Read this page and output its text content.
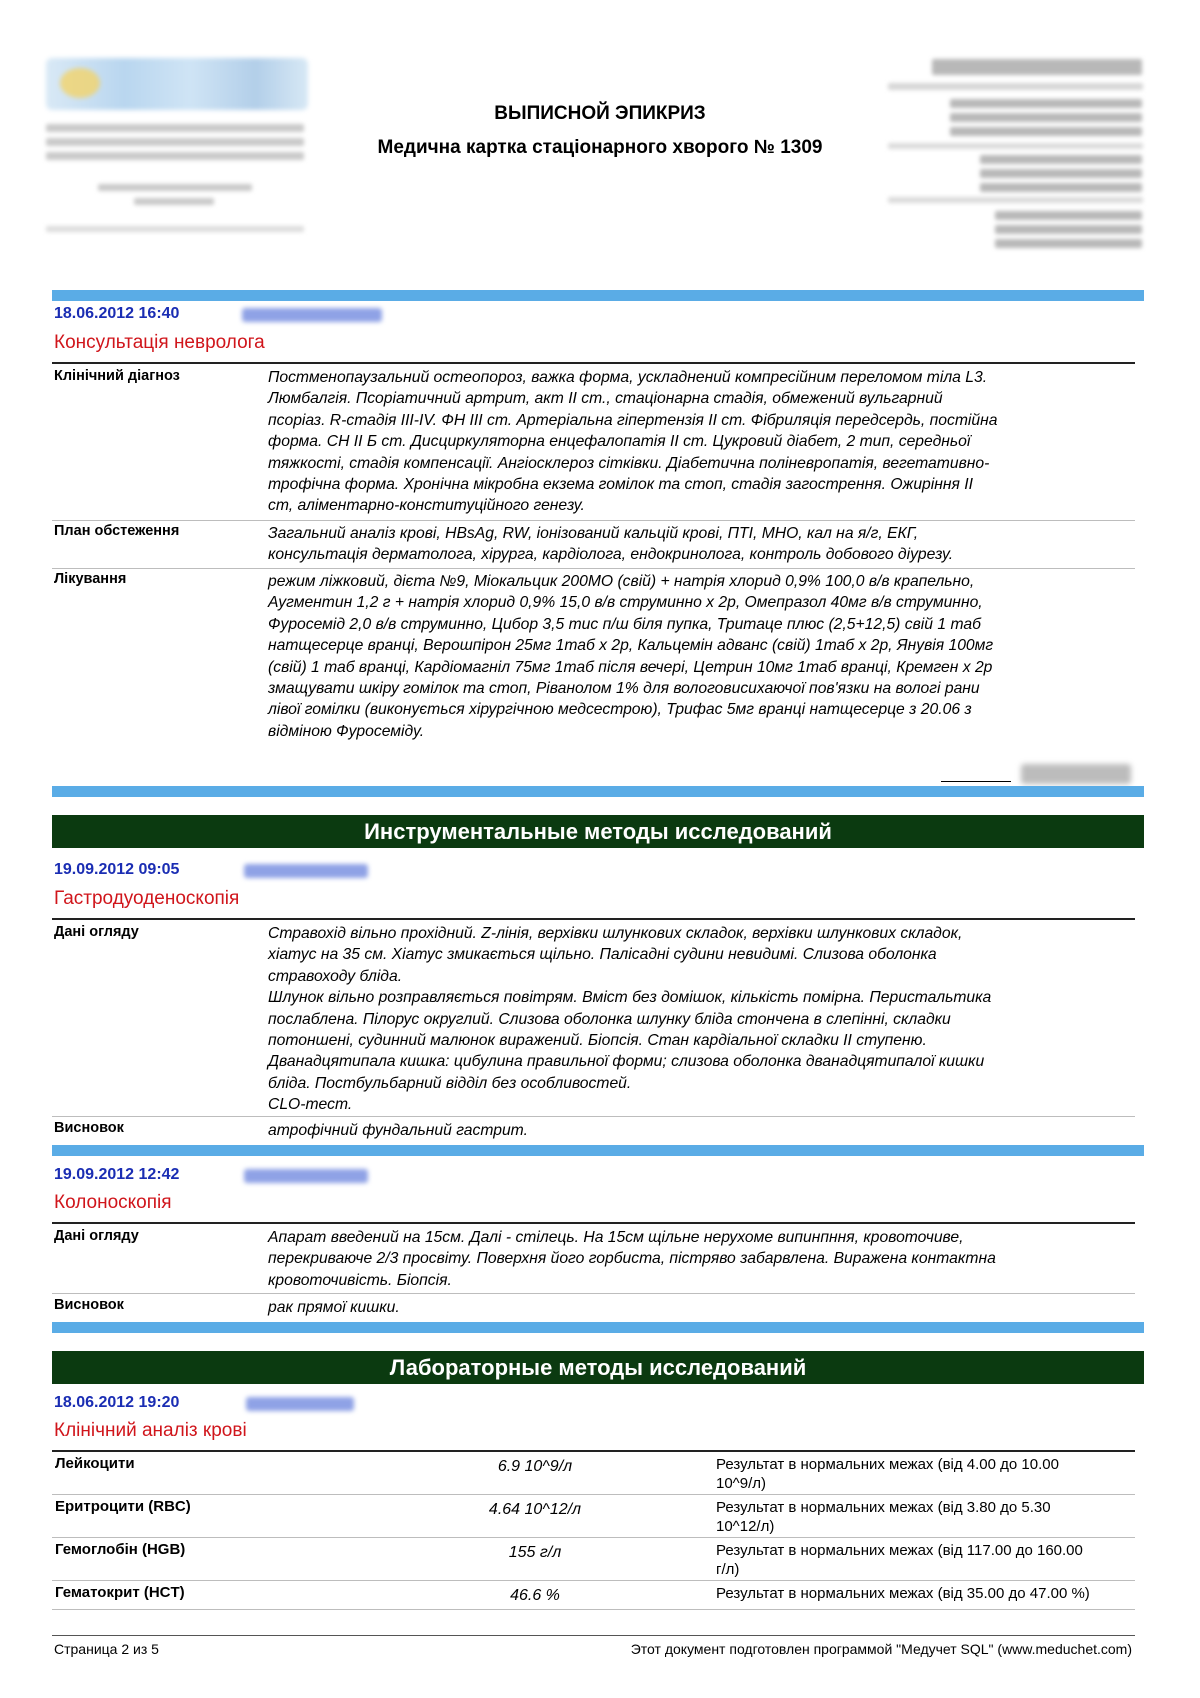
ВЫПИСНОЙ ЭПИКРИЗ
Медична картка стаціонарного хворого № 1309
18.06.2012 16:40
Консультація невролога
Клінічний діагноз	Постменопаузальний остеопороз, важка форма, ускладнений компресійним переломом тіла L3.
Люмбалгія. Псоріатичний артрит, акт ІІ ст., стаціонарна стадія, обмежений вульгарний
псоріаз. R-стадія ІІІ-ІV. ФН ІІІ ст. Артеріальна гіпертензія ІІ ст. Фібриляція передсердь, постійна
форма. СН ІІ Б ст. Дисциркуляторна енцефалопатія ІІ ст. Цукровий діабет, 2 тип, середньої
тяжкості, стадія компенсації. Ангіосклероз сітківки. Діабетична поліневропатія, вегетативно-
трофічна форма. Хронічна мікробна екзема гомілок та стоп, стадія загострення. Ожиріння ІІ
ст, аліментарно-конституційного генезу.
План обстеження	Загальний аналіз крові, HBsAg, RW, іонізований кальцій крові, ПТІ, МНО, кал на я/г, ЕКГ,
консультація дерматолога, хірурга, кардіолога, ендокринолога, контроль добового діурезу.
Лікування	режим ліжковий, дієта №9, Міокальцик 200МО (свій) + натрія хлорид 0,9% 100,0 в/в крапельно,
Аугментин 1,2 г + натрія хлорид 0,9% 15,0 в/в струминно х 2р, Омепразол 40мг в/в струминно,
Фуросемід 2,0 в/в струминно, Цибор 3,5 тис п/ш біля пупка, Тритаце плюс (2,5+12,5) свій 1 таб
натщесерце вранці, Верошпірон 25мг 1таб х 2р, Кальцемін адванс (свій) 1таб х 2р, Янувія 100мг
(свій) 1 таб вранці, Кардіомагніл 75мг 1таб після вечері, Цетрин 10мг 1таб вранці, Кремген х 2р
змащувати шкіру гомілок та стоп, Ріванолом 1% для вологовисихаючої пов'язки на вологі рани
лівої гомілки (виконується хірургічною медсестрою), Трифас 5мг вранці натщесерце з 20.06 з
відміною Фуросеміду.
Инструментальные методы исследований
19.09.2012 09:05
Гастродуоденоскопія
Дані огляду	Стравохід вільно прохідний. Z-лінія, верхівки шлункових складок, верхівки шлункових складок,
хіатус на 35 см. Хіатус змикається щільно. Палісадні судини невидимі. Слизова оболонка
стравоходу бліда.
Шлунок вільно розправляється повітрям. Вміст без домішок, кількість помірна. Перистальтика
послаблена. Пілорус округлий. Слизова оболонка шлунку бліда стончена в слепінні, складки
потоншені, судинний малюнок виражений. Біопсія. Стан кардіальної складки ІІ ступеню.
Дванадцятипала кишка: цибулина правильної форми; слизова оболонка дванадцятипалої кишки
бліда. Постбульбарний відділ без особливостей.
CLO-тест.
Висновок	атрофічний фундальний гастрит.
19.09.2012 12:42
Колоноскопія
Дані огляду	Апарат введений на 15см. Далі - стілець. На 15см щільне нерухоме випинпння, кровоточиве,
перекриваюче 2/3 просвіту. Поверхня його горбиста, пістряво забарвлена. Виражена контактна
кровоточивість. Біопсія.
Висновок	рак прямої кишки.
Лабораторные методы исследований
18.06.2012 19:20
Клінічний аналіз крові
Лейкоцити	6.9 10^9/л	Результат в нормальних межах (від 4.00 до 10.00
10^9/л)
Еритроцити (RBC)	4.64 10^12/л	Результат в нормальних межах (від 3.80 до 5.30
10^12/л)
Гемоглобін (HGB)	155 г/л	Результат в нормальних межах (від 117.00 до 160.00
г/л)
Гематокрит (HCT)	46.6 %	Результат в нормальних межах (від 35.00 до 47.00 %)
Страница 2 из 5	Этот документ подготовлен программой "Медучет SQL" (www.meduchet.com)
